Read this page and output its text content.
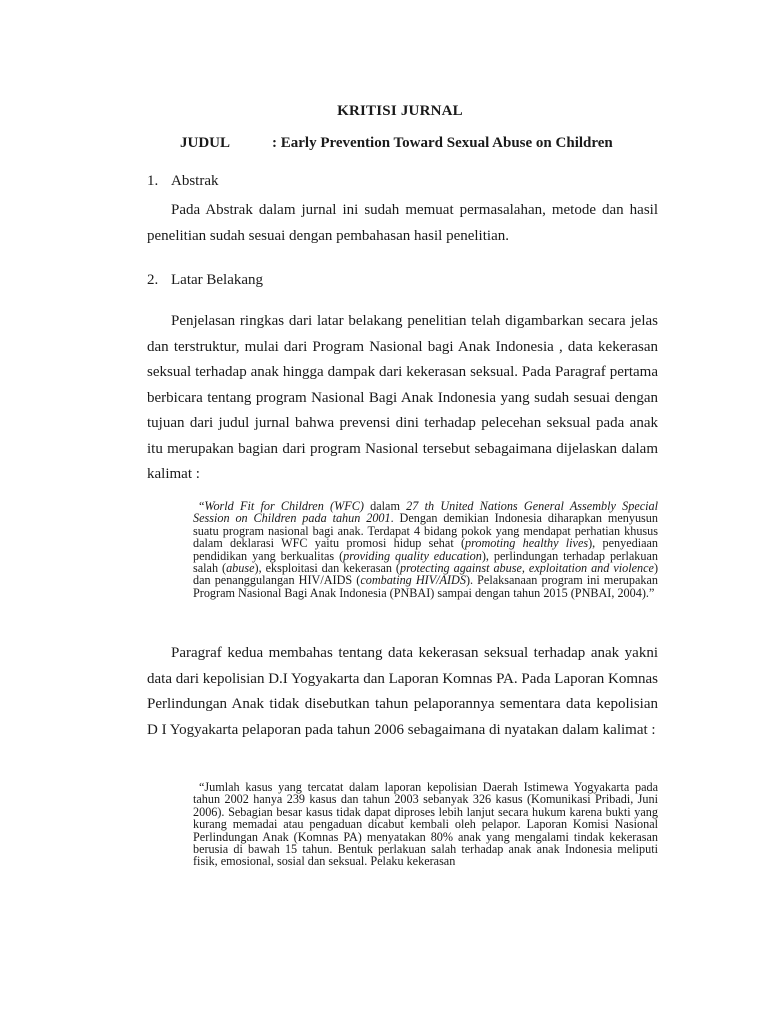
KRITISI JURNAL
JUDUL	: Early Prevention Toward Sexual Abuse on Children
1. Abstrak

Pada Abstrak dalam jurnal ini sudah memuat permasalahan, metode dan hasil penelitian sudah sesuai dengan pembahasan hasil penelitian.

2. Latar Belakang

Penjelasan ringkas dari latar belakang penelitian telah digambarkan secara jelas dan terstruktur, mulai dari Program Nasional bagi Anak Indonesia , data kekerasan seksual terhadap anak hingga dampak dari kekerasan seksual. Pada Paragraf pertama berbicara tentang program Nasional Bagi Anak Indonesia yang sudah sesuai dengan tujuan dari judul jurnal bahwa prevensi dini terhadap pelecehan seksual pada anak itu merupakan bagian dari program Nasional tersebut sebagaimana dijelaskan dalam kalimat :

“World Fit for Children (WFC) dalam 27 th United Nations General Assembly Special Session on Children pada tahun 2001. Dengan demikian Indonesia diharapkan menyusun suatu program nasional bagi anak. Terdapat 4 bidang pokok yang mendapat perhatian khusus dalam deklarasi WFC yaitu promosi hidup sehat (promoting healthy lives), penyediaan pendidikan yang berkualitas (providing quality education), perlindungan terhadap perlakuan salah (abuse), eksploitasi dan kekerasan (protecting against abuse, exploitation and violence) dan penanggulangan HIV/AIDS (combating HIV/AIDS). Pelaksanaan program ini merupakan Program Nasional Bagi Anak Indonesia (PNBAI) sampai dengan tahun 2015 (PNBAI, 2004).”

Paragraf kedua membahas tentang data kekerasan seksual terhadap anak yakni data dari kepolisian D.I Yogyakarta dan Laporan Komnas PA. Pada Laporan Komnas Perlindungan Anak tidak disebutkan tahun pelaporannya sementara data kepolisian D I Yogyakarta pelaporan pada tahun 2006 sebagaimana di nyatakan dalam kalimat :

“Jumlah kasus yang tercatat dalam laporan kepolisian Daerah Istimewa Yogyakarta pada tahun 2002 hanya 239 kasus dan tahun 2003 sebanyak 326 kasus (Komunikasi Pribadi, Juni 2006). Sebagian besar kasus tidak dapat diproses lebih lanjut secara hukum karena bukti yang kurang memadai atau pengaduan dicabut kembali oleh pelapor. Laporan Komisi Nasional Perlindungan Anak (Komnas PA) menyatakan 80% anak yang mengalami tindak kekerasan berusia di bawah 15 tahun. Bentuk perlakuan salah terhadap anak anak Indonesia meliputi fisik, emosional, sosial dan seksual. Pelaku kekerasan
